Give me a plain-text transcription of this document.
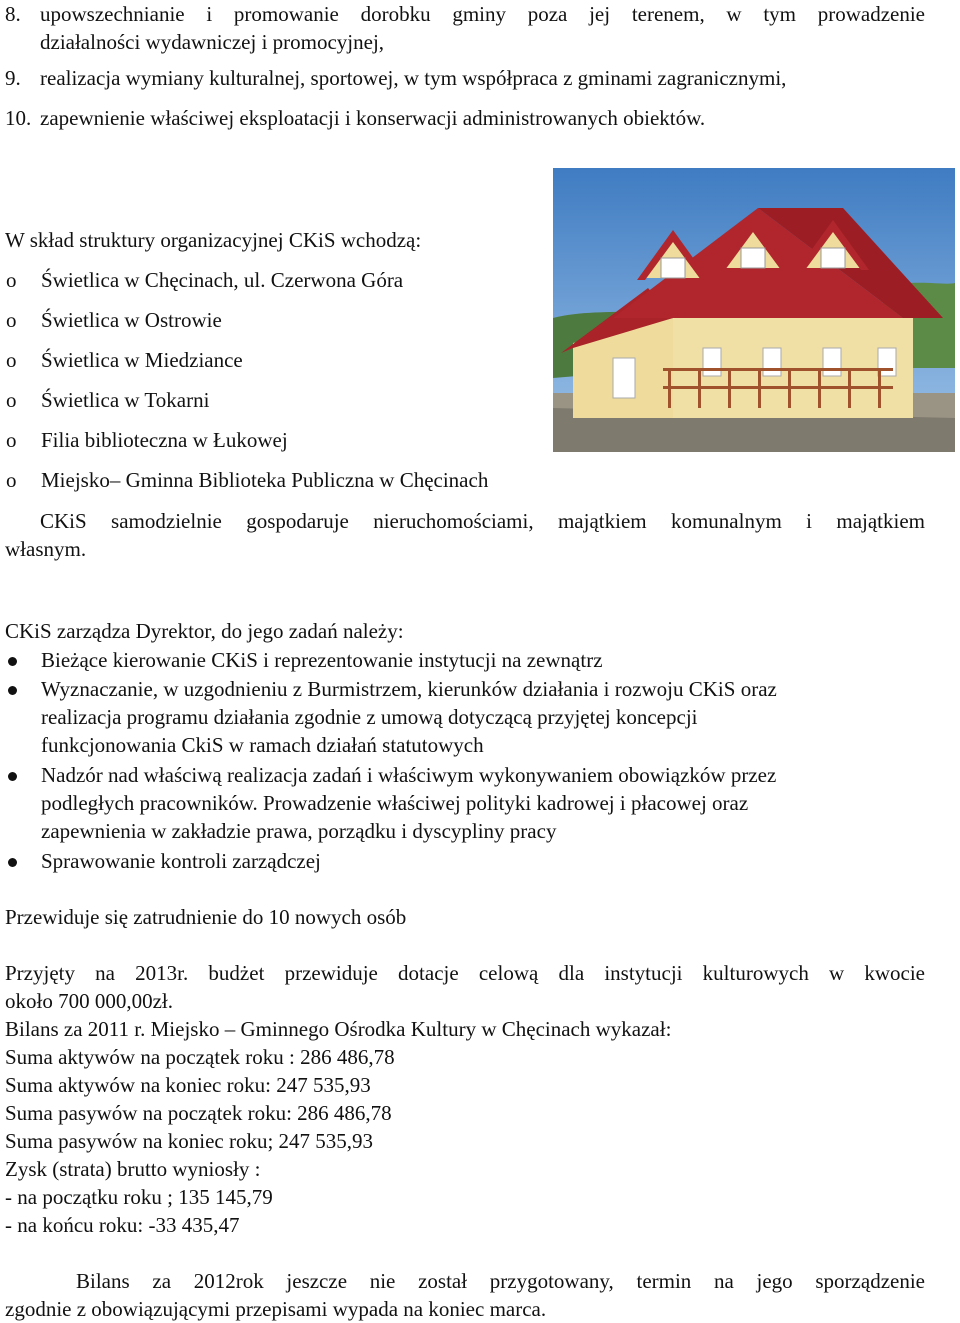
8. upowszechnianie i promowanie dorobku gminy poza jej terenem, w tym prowadzenie
działalności wydawniczej i promocyjnej,
9. realizacja wymiany kulturalnej, sportowej, w tym współpraca z gminami zagranicznymi,
10. zapewnienie właściwej eksploatacji i konserwacji administrowanych obiektów.
W skład struktury organizacyjnej CKiS wchodzą:
o Świetlica w Chęcinach, ul. Czerwona Góra
o Świetlica w Ostrowie
o Świetlica w Miedziance
o Świetlica w Tokarni
o Filia biblioteczna w Łukowej
o Miejsko– Gminna Biblioteka Publiczna w Chęcinach
CKiS samodzielnie gospodaruje nieruchomościami, majątkiem komunalnym i majątkiem
własnym.
CKiS zarządza Dyrektor, do jego zadań należy:
Bieżące kierowanie CKiS i reprezentowanie instytucji na zewnątrz
Wyznaczanie, w uzgodnieniu z Burmistrzem, kierunków działania i rozwoju CKiS oraz
realizacja programu działania zgodnie z umową dotyczącą przyjętej koncepcji
funkcjonowania CkiS w ramach działań statutowych
Nadzór nad właściwą realizacja zadań i właściwym wykonywaniem obowiązków przez
podległych pracowników. Prowadzenie właściwej polityki kadrowej i płacowej oraz
zapewnienia w zakładzie prawa, porządku i dyscypliny pracy
Sprawowanie kontroli zarządczej
Przewiduje się zatrudnienie do 10 nowych osób
Przyjęty na 2013r. budżet przewiduje dotacje celową dla instytucji kulturowych w kwocie
około 700 000,00zł.
Bilans za 2011 r. Miejsko – Gminnego Ośrodka Kultury w Chęcinach wykazał:
Suma aktywów na początek roku : 286 486,78
Suma aktywów na koniec roku: 247 535,93
Suma pasywów na początek roku: 286 486,78
Suma pasywów na koniec roku; 247 535,93
Zysk (strata) brutto wyniosły :
- na początku roku ; 135 145,79
- na końcu roku: -33 435,47
Bilans za 2012rok jeszcze nie został przygotowany, termin na jego sporządzenie
zgodnie z obowiązującymi przepisami wypada na koniec marca.
